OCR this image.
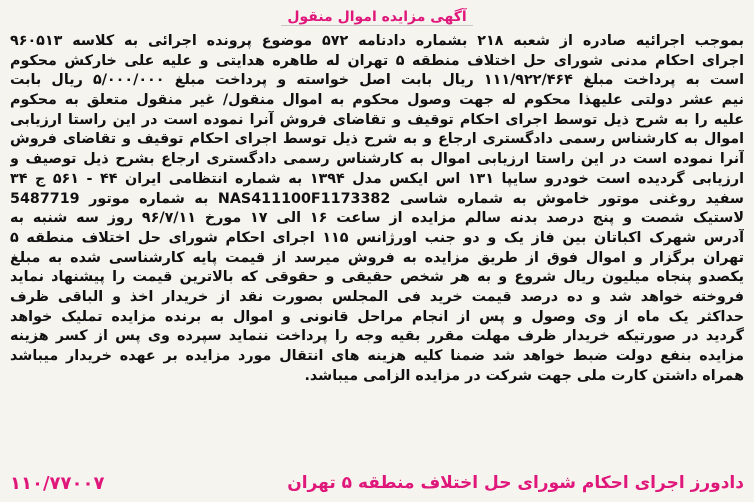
آگهی مزایده اموال منقول
بموجب اجرائیه صادره از شعبه ۲۱۸ بشماره دادنامه ۵۷۲ موضوع پرونده اجرائی به کلاسه ۹۶۰۵۱۳
اجرای احکام مدنی شورای حل اختلاف منطقه ۵ تهران له طاهره هدایتی و علیه علی خارکش محکوم
است به پرداخت مبلغ ۱۱۱/۹۲۲/۴۶۴ ریال بابت اصل خواسته و پرداخت مبلغ ۵/۰۰۰/۰۰۰ ریال بابت
نیم عشر دولتی علیهذا محکوم له جهت وصول محکوم به اموال منقول/ غیر منقول متعلق به محکوم
علیه را به شرح ذیل توسط اجرای احکام توقیف و تقاضای فروش آنرا نموده است در این راستا ارزیابی
اموال به کارشناس رسمی دادگستری ارجاع و به شرح ذیل توسط اجرای احکام توقیف و تقاضای فروش
آنرا نموده است در این راستا ارزیابی اموال به کارشناس رسمی دادگستری ارجاع بشرح ذیل توصیف و
ارزیابی گردیده است خودرو سایپا ۱۳۱ اس ایکس مدل ۱۳۹۴ به شماره انتظامی ایران ۴۴ - ۵۶۱ ج ۳۴
سفید روغنی موتور خاموش به شماره شاسی NAS411100F1173382 به شماره موتور 5487719
لاستیک شصت و پنج درصد بدنه سالم مزایده از ساعت ۱۶ الی ۱۷ مورخ ۹۶/۷/۱۱ روز سه شنبه به
آدرس شهرک اکباتان بین فاز یک و دو جنب اورژانس ۱۱۵ اجرای احکام شورای حل اختلاف منطقه ۵
تهران برگزار و اموال فوق از طریق مزایده به فروش میرسد از قیمت پایه کارشناسی شده به مبلغ
یکصدو پنجاه میلیون ریال شروع و به هر شخص حقیقی و حقوقی که بالاترین قیمت را پیشنهاد نماید
فروخته خواهد شد و ده درصد قیمت خرید فی المجلس بصورت نقد از خریدار اخذ و الباقی ظرف
حداکثر یک ماه از وی وصول و پس از انجام مراحل قانونی و اموال به برنده مزایده تملیک خواهد
گردید در صورتیکه خریدار ظرف مهلت مقرر بقیه وجه را پرداخت ننماید سپرده وی پس از کسر هزینه
مزایده بنفع دولت ضبط خواهد شد ضمنا کلیه هزینه های انتقال مورد مزایده بر عهده خریدار میباشد
همراه داشتن کارت ملی جهت شرکت در مزایده الزامی میباشد.
دادورز اجرای احکام شورای حل اختلاف منطقه ۵ تهران
۱۱۰/۷۷۰۰۷
